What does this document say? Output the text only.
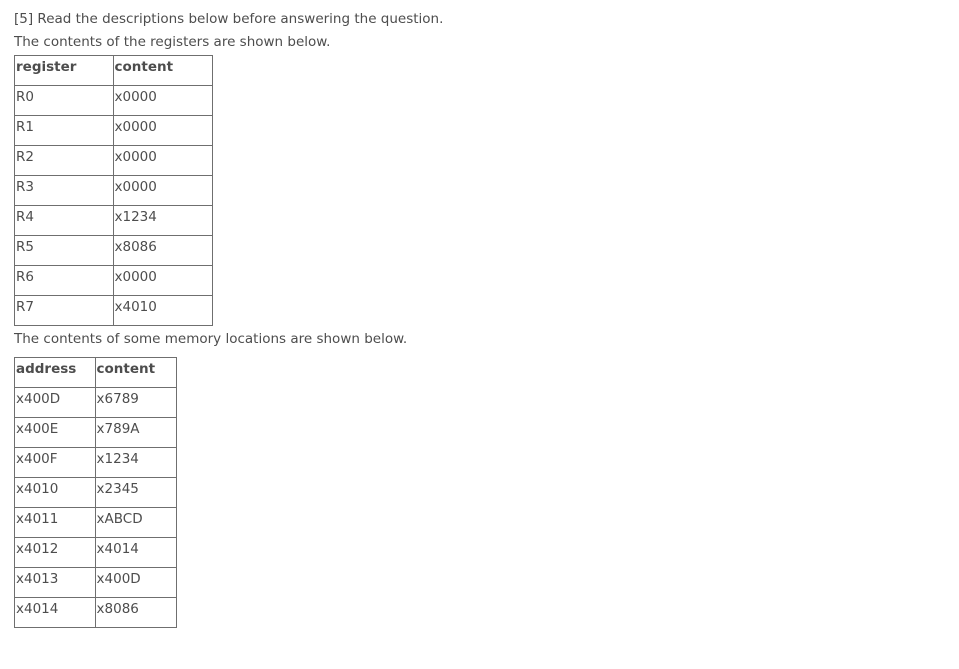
[5] Read the descriptions below before answering the question.

The contents of the registers are shown below.

register	content
R0	x0000
R1	x0000
R2	x0000
R3	x0000
R4	x1234
R5	x8086
R6	x0000
R7	x4010

The contents of some memory locations are shown below.

address	content
x400D	x6789
x400E	x789A
x400F	x1234
x4010	x2345
x4011	xABCD
x4012	x4014
x4013	x400D
x4014	x8086
